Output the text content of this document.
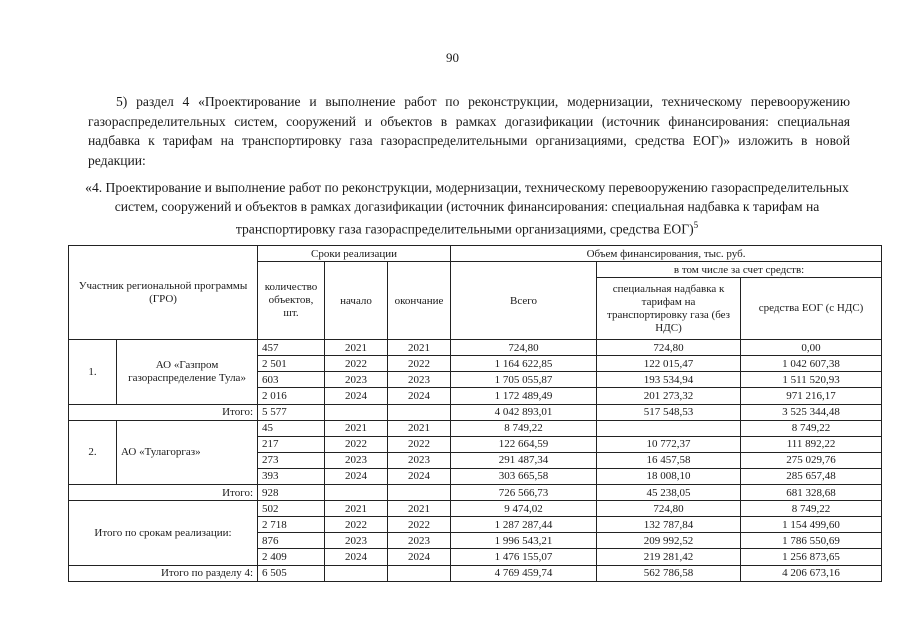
90

5) раздел 4 «Проектирование и выполнение работ по реконструкции, модернизации, техническому перевооружению газораспределительных систем, сооружений и объектов в рамках догазификации (источник финансирования: специальная надбавка к тарифам на транспортировку газа газораспределительными организациями, средства ЕОГ)» изложить в новой редакции:

«4. Проектирование и выполнение работ по реконструкции, модернизации, техническому перевооружению газораспределительных систем, сооружений и объектов в рамках догазификации (источник финансирования: специальная надбавка к тарифам на транспортировку газа газораспределительными организациями, средства ЕОГ)$^5$
Участник региональной программы (ГРО)		Сроки реализации			Объем финансирования, тыс. руб.		
		количество объектов, шт.	начало	окончание	Всего	в том числе за счет средств:	
						специальная надбавка к тарифам на транспортировку газа (без НДС)	средства ЕОГ (с НДС)
1.	АО «Газпром газораспределение Тула»	457	2021	2021	724,80	724,80	0,00
		2 501	2022	2022	1 164 622,85	122 015,47	1 042 607,38
		603	2023	2023	1 705 055,87	193 534,94	1 511 520,93
		2 016	2024	2024	1 172 489,49	201 273,32	971 216,17
Итого:		5 577			4 042 893,01	517 548,53	3 525 344,48
2.	АО «Тулагоргаз»	45	2021	2021	8 749,22		8 749,22
		217	2022	2022	122 664,59	10 772,37	111 892,22
		273	2023	2023	291 487,34	16 457,58	275 029,76
		393	2024	2024	303 665,58	18 008,10	285 657,48
Итого:		928			726 566,73	45 238,05	681 328,68
Итого по срокам реализации:		502	2021	2021	9 474,02	724,80	8 749,22
		2 718	2022	2022	1 287 287,44	132 787,84	1 154 499,60
		876	2023	2023	1 996 543,21	209 992,52	1 786 550,69
		2 409	2024	2024	1 476 155,07	219 281,42	1 256 873,65
Итого по разделу 4:		6 505			4 769 459,74	562 786,58	4 206 673,16
